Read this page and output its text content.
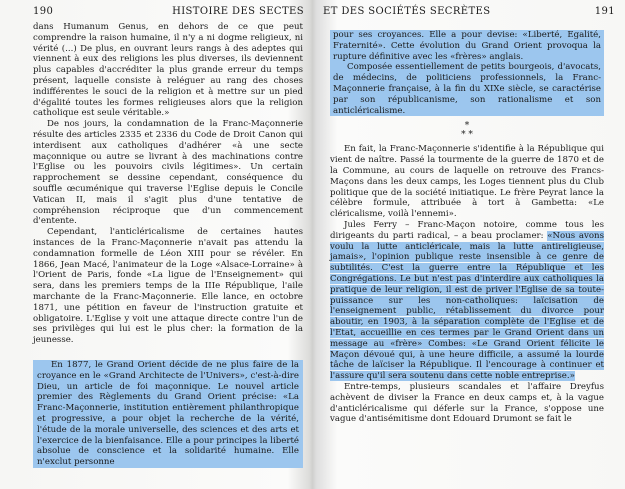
190	HISTOIRE DES SECTES

dans Humanum Genus, en dehors de ce que peut comprendre la raison humaine, il n'y a ni dogme religieux, ni vérité (...) De plus, en ouvrant leurs rangs à des adeptes qui viennent à eux des religions les plus diverses, ils deviennent plus capables d'accréditer la plus grande erreur du temps présent, laquelle consiste à reléguer au rang des choses indifférentes le souci de la religion et à mettre sur un pied d'égalité toutes les formes religieuses alors que la religion catholique est seule véritable.»

De nos jours, la condamnation de la Franc-Maçonnerie résulte des articles 2335 et 2336 du Code de Droit Canon qui interdisent aux catholiques d'adhérer «à une secte maçonnique ou autre se livrant à des machinations contre l'Eglise ou les pouvoirs civils légitimes». Un certain rapprochement se dessine cependant, conséquence du souffle œcuménique qui traverse l'Eglise depuis le Concile Vatican II, mais il s'agit plus d'une tentative de compréhension réciproque que d'un commencement d'entente.

Cependant, l'anticléricalisme de certaines hautes instances de la Franc-Maçonnerie n'avait pas attendu la condamnation formelle de Léon XIII pour se révéler. En 1866, Jean Macé, l'animateur de la Loge «Alsace-Lorraine» à l'Orient de Paris, fonde «La ligue de l'Enseignement» qui sera, dans les premiers temps de la IIIe République, l'aile marchante de la Franc-Maçonnerie. Elle lance, en octobre 1871, une pétition en faveur de l'instruction gratuite et obligatoire. L'Eglise y voit une attaque directe contre l'un de ses privilèges qui lui est le plus cher: la formation de la jeunesse.

En 1877, le Grand Orient décide de ne plus faire de la croyance en le «Grand Architecte de l'Univers», c'est-à-dire Dieu, un article de foi maçonnique. Le nouvel article premier des Règlements du Grand Orient précise: «La Franc-Maçonnerie, institution entièrement philanthropique et progressive, a pour objet la recherche de la vérité, l'étude de la morale universelle, des sciences et des arts et l'exercice de la bienfaisance. Elle a pour principes la liberté absolue de conscience et la solidarité humaine. Elle n'exclut personne

ET DES SOCIÉTÉS SECRÈTES	191
pour ses croyances. Elle a pour devise: «Liberté, Egalité, Fraternité». Cette évolution du Grand Orient provoqua la rupture définitive avec les «frères» anglais.

Composée essentiellement de petits bourgeois, d'avocats, de médecins, de politiciens professionnels, la Franc-Maçonnerie française, à la fin du XIXe siècle, se caractérise par son républicanisme, son rationalisme et son anticléricalisme.

*
* *

En fait, la Franc-Maçonnerie s'identifie à la République qui vient de naître. Passé la tourmente de la guerre de 1870 et de la Commune, au cours de laquelle on retrouve des Francs-Maçons dans les deux camps, les Loges tiennent plus du Club politique que de la société initiatique. Le frère Peyrat lance la célèbre formule, attribuée à tort à Gambetta: «Le cléricalisme, voilà l'ennemi».

Jules Ferry – Franc-Maçon notoire, comme tous les dirigeants du parti radical, – a beau proclamer: «Nous avons voulu la lutte anticléricale, mais la lutte antireligieuse, jamais», l'opinion publique reste insensible à ce genre de subtilités. C'est la guerre entre la République et les Congrégations. Le but n'est pas d'interdire aux catholiques la pratique de leur religion, il est de priver l'Eglise de sa toute-puissance sur les non-catholiques: laïcisation de l'enseignement public, rétablissement du divorce pour aboutir, en 1903, à la séparation complète de l'Eglise et de l'Etat, accueillie en ces termes par le Grand Orient dans un message au «frère» Combes: «Le Grand Orient félicite le Maçon dévoué qui, à une heure difficile, a assumé la lourde tâche de laïciser la République. Il l'encourage à continuer et l'assure qu'il sera soutenu dans cette noble entreprise.»

Entre-temps, plusieurs scandales et l'affaire Dreyfus achèvent de diviser la France en deux camps et, à la vague d'anticléricalisme qui déferle sur la France, s'oppose une vague d'antisémitisme dont Edouard Drumont se fait le
